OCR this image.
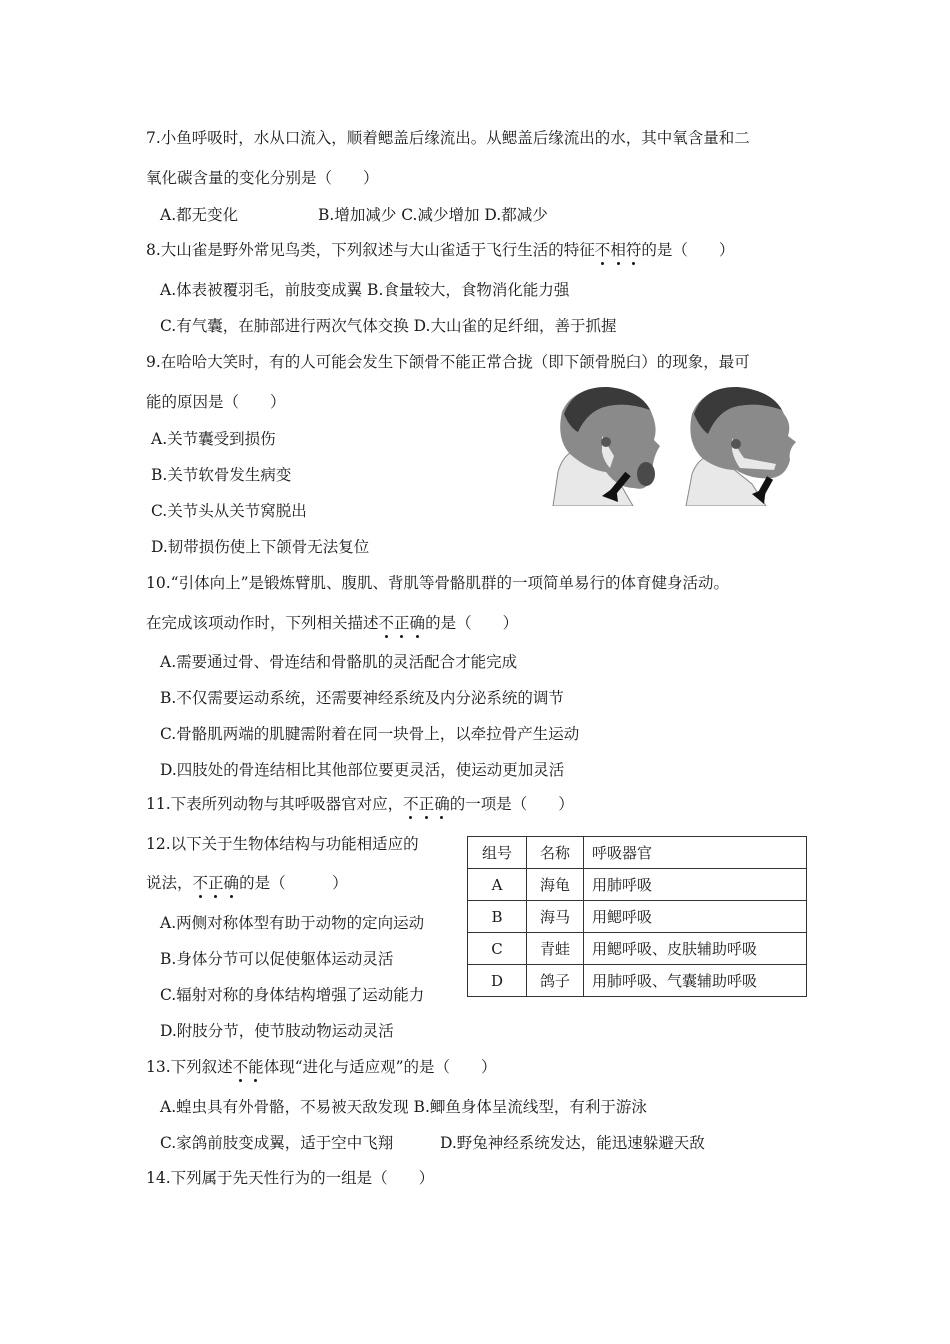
7.小鱼呼吸时，水从口流入，顺着鳃盖后缘流出。从鳃盖后缘流出的水，其中氧含量和二
氧化碳含量的变化分别是（　　）
A.都无变化	B.增加减少 C.减少增加 D.都减少
8.大山雀是野外常见鸟类，下列叙述与大山雀适于飞行生活的特征不相符的是（　　）
A.体表被覆羽毛，前肢变成翼 B.食量较大，食物消化能力强
C.有气囊，在肺部进行两次气体交换 D.大山雀的足纤细，善于抓握
9.在哈哈大笑时，有的人可能会发生下颌骨不能正常合拢（即下颌骨脱臼）的现象，最可
能的原因是（　　）
A.关节囊受到损伤
B.关节软骨发生病变
C.关节头从关节窝脱出
D.韧带损伤使上下颌骨无法复位
10.“引体向上”是锻炼臂肌、腹肌、背肌等骨骼肌群的一项简单易行的体育健身活动。
在完成该项动作时，下列相关描述不正确的是（　　）
A.需要通过骨、骨连结和骨骼肌的灵活配合才能完成
B.不仅需要运动系统，还需要神经系统及内分泌系统的调节
C.骨骼肌两端的肌腱需附着在同一块骨上，以牵拉骨产生运动
D.四肢处的骨连结相比其他部位要更灵活，使运动更加灵活
11.下表所列动物与其呼吸器官对应，不正确的一项是（　　）
12.以下关于生物体结构与功能相适应的
说法，不正确的是（　　　）
A.两侧对称体型有助于动物的定向运动
B.身体分节可以促使躯体运动灵活
C.辐射对称的身体结构增强了运动能力
D.附肢分节，使节肢动物运动灵活
组号	名称	呼吸器官
A	海龟	用肺呼吸
B	海马	用鳃呼吸
C	青蛙	用鳃呼吸、皮肤辅助呼吸
D	鸽子	用肺呼吸、气囊辅助呼吸
13.下列叙述不能体现“进化与适应观”的是（　　）
A.蝗虫具有外骨骼，不易被天敌发现 B.鲫鱼身体呈流线型，有利于游泳
C.家鸽前肢变成翼，适于空中飞翔	D.野兔神经系统发达，能迅速躲避天敌
14.下列属于先天性行为的一组是（　　）
